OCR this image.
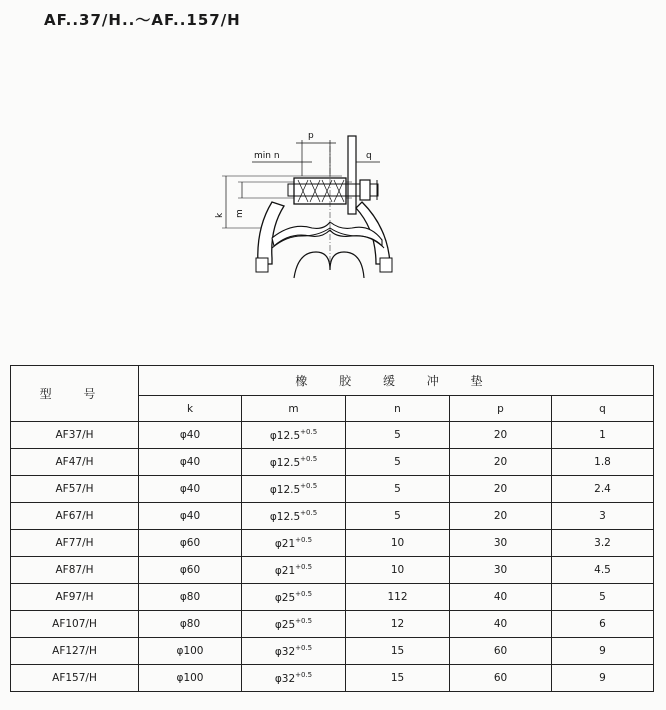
AF..37/H..～AF..157/H
p
min n	q
k m
型 号	橡 胶 缓 冲 垫				
	k	m	n	p	q
AF37/H	φ40	$\varphi 12.5^{+0.5}$	5	20	1
AF47/H	φ40	$\varphi 12.5^{+0.5}$	5	20	1.8
AF57/H	φ40	$\varphi 12.5^{+0.5}$	5	20	2.4
AF67/H	φ40	$\varphi 12.5^{+0.5}$	5	20	3
AF77/H	φ60	$\varphi 21^{+0.5}$	10	30	3.2
AF87/H	φ60	$\varphi 21^{+0.5}$	10	30	4.5
AF97/H	φ80	$\varphi 25^{+0.5}$	112	40	5
AF107/H	φ80	$\varphi 25^{+0.5}$	12	40	6
AF127/H	φ100	$\varphi 32^{+0.5}$	15	60	9
AF157/H	φ100	$\varphi 32^{+0.5}$	15	60	9
